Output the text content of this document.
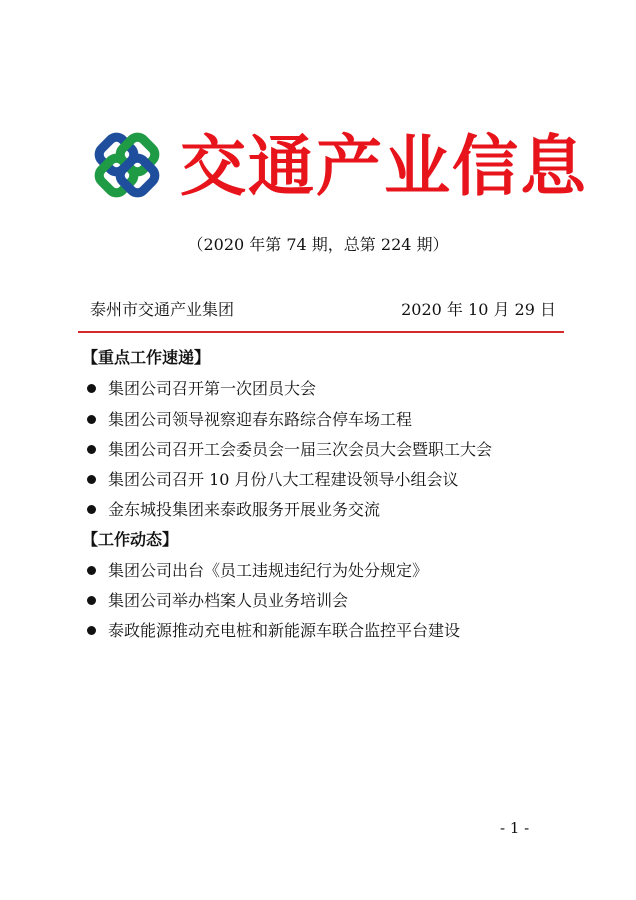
交通产业信息
（2020 年第 74 期，总第 224 期）
泰州市交通产业集团	2020 年 10 月 29 日
【重点工作速递】
集团公司召开第一次团员大会
集团公司领导视察迎春东路综合停车场工程
集团公司召开工会委员会一届三次会员大会暨职工大会
集团公司召开 10 月份八大工程建设领导小组会议
金东城投集团来泰政服务开展业务交流
【工作动态】
集团公司出台《员工违规违纪行为处分规定》
集团公司举办档案人员业务培训会
泰政能源推动充电桩和新能源车联合监控平台建设
- 1 -
